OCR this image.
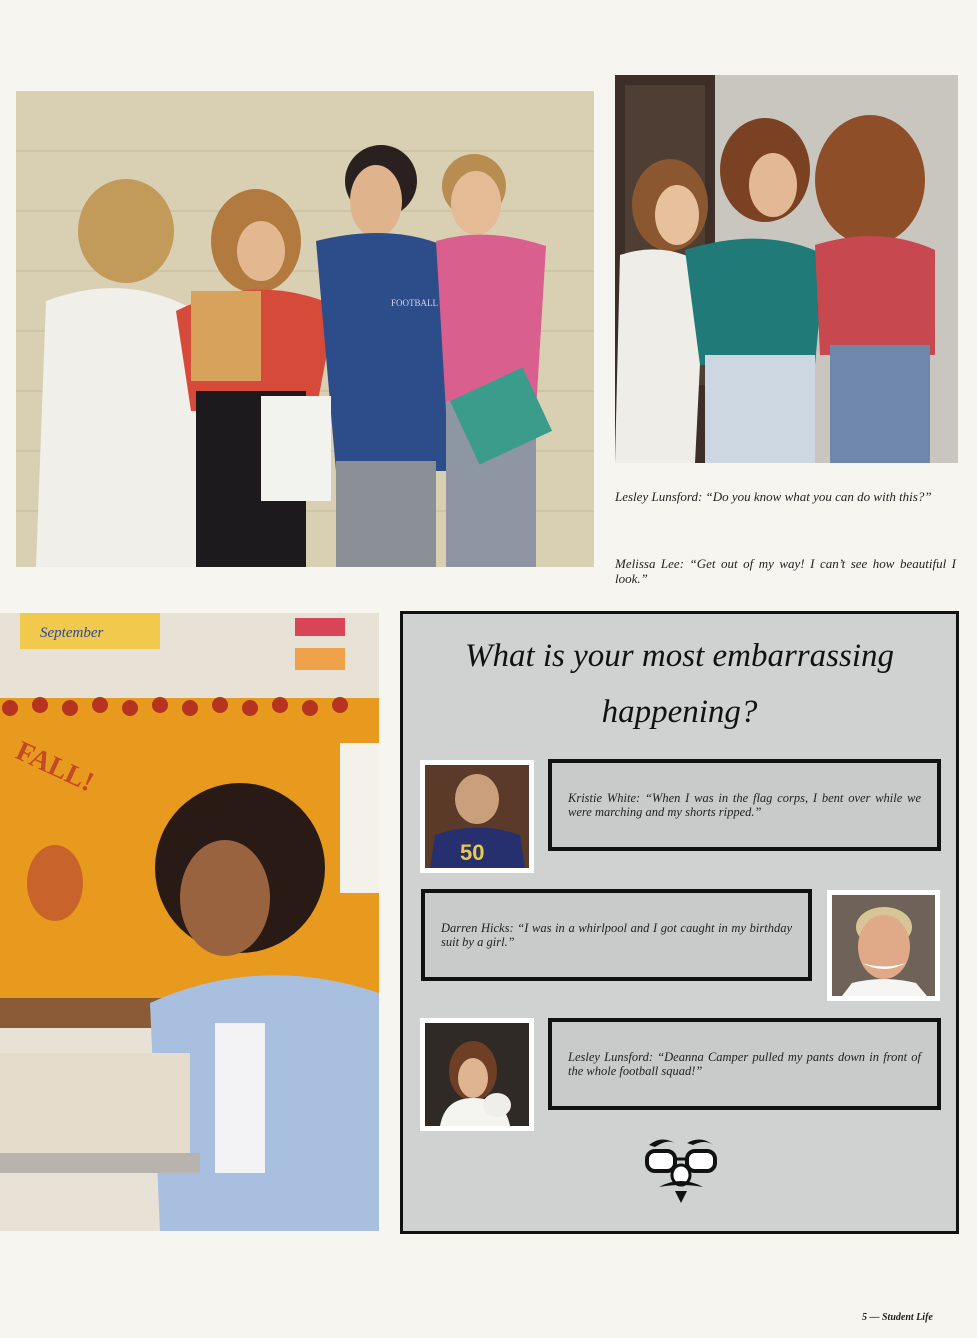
FOOTBALL

Lesley Lunsford: “Do you know what you can do with this?”

Melissa Lee: “Get out of my way! I can’t see how beautiful I look.”

September
FALL!
What is your most embarrassing happening?
50

Kristie White: “When I was in the flag corps, I bent over while we were marching and my shorts ripped.”

Darren Hicks: “I was in a whirlpool and I got caught in my birthday suit by a girl.”

Lesley Lunsford: “Deanna Camper pulled my pants down in front of the whole football squad!”

5 — Student Life
